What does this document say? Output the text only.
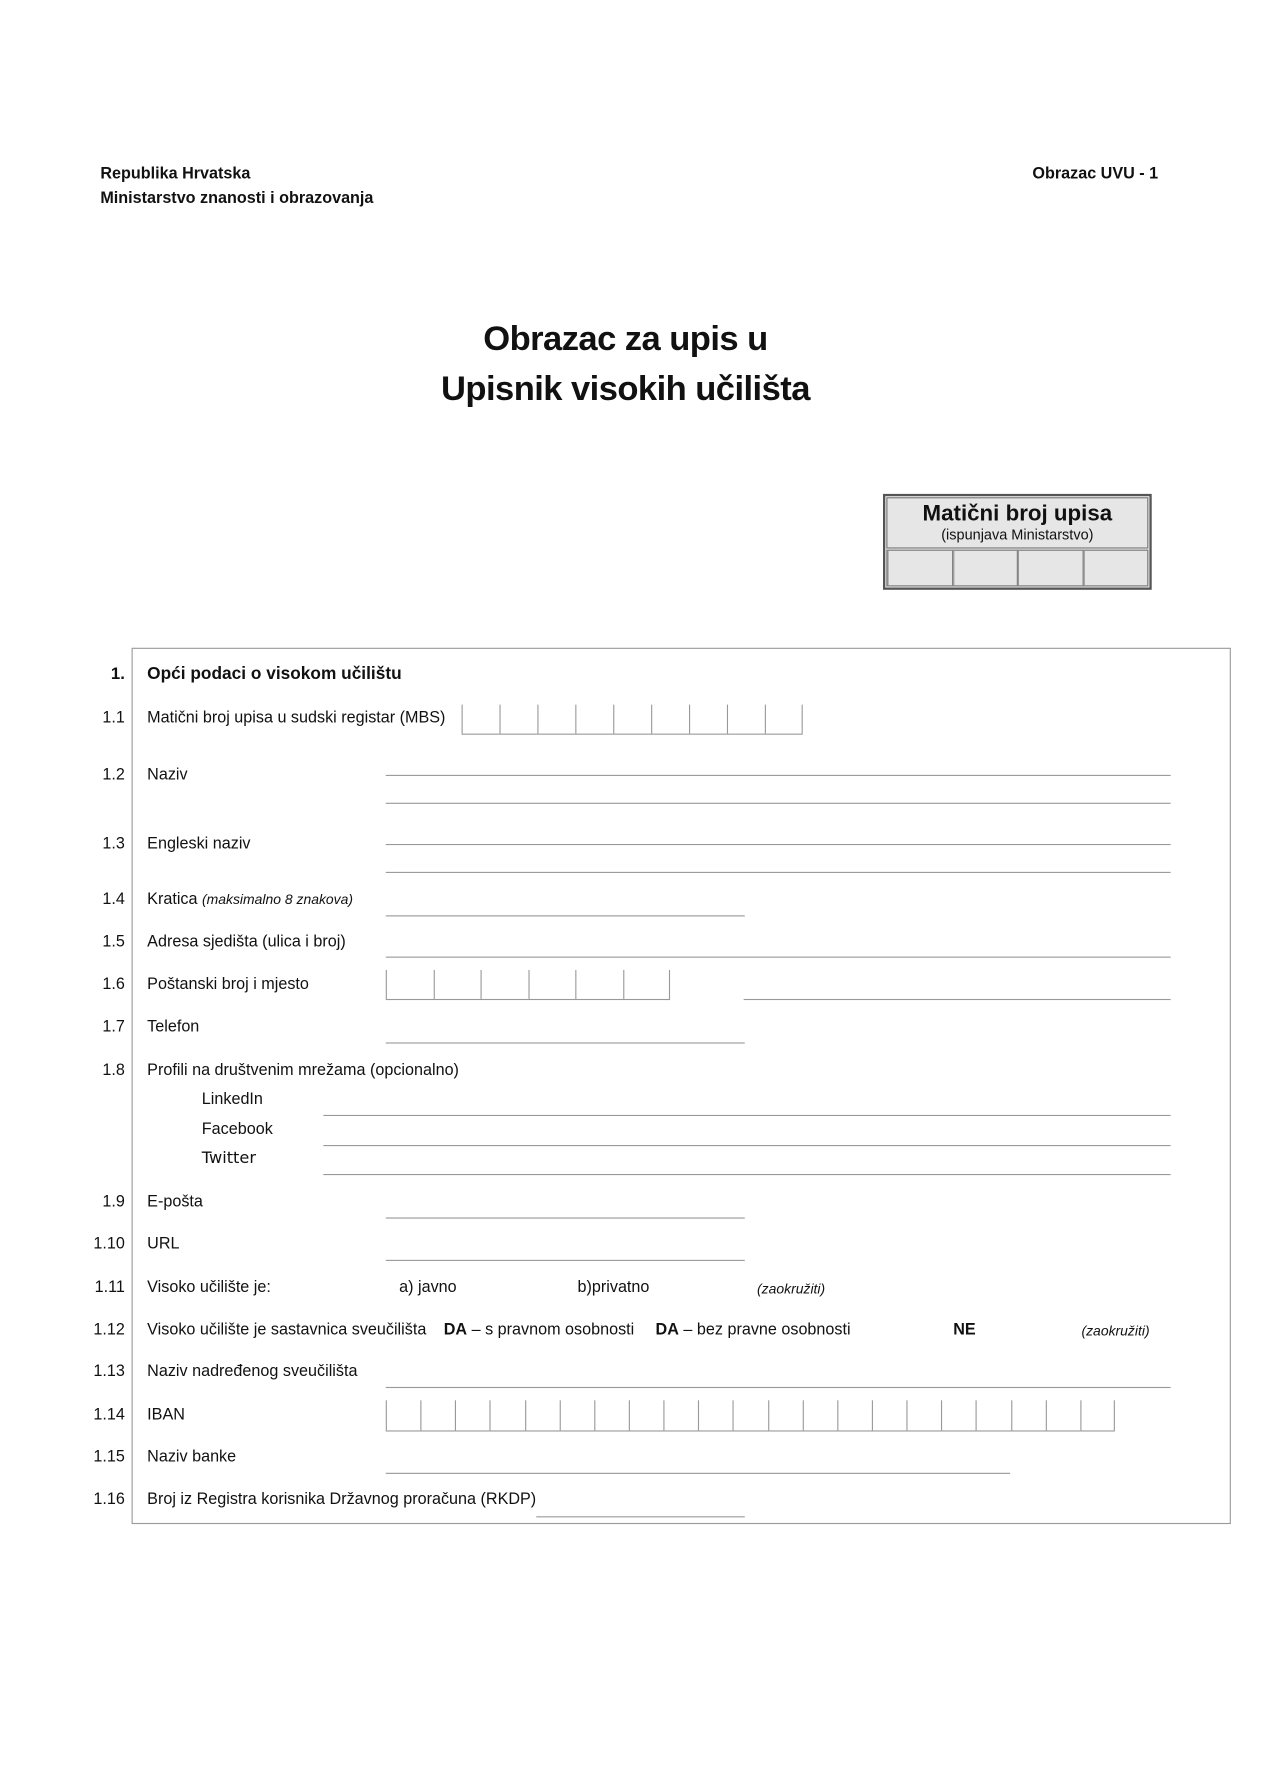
Republika Hrvatska
Ministarstvo znanosti i obrazovanja
Obrazac UVU - 1
Obrazac za upis u
Upisnik visokih učilišta
Matični broj upisa
(ispunjava Ministarstvo)
1. Opći podaci o visokom učilištu
1.1 Matični broj upisa u sudski registar (MBS)
1.2 Naziv
1.3 Engleski naziv
1.4 Kratica (maksimalno 8 znakova)
1.5 Adresa sjedišta (ulica i broj)
1.6 Poštanski broj i mjesto
1.7 Telefon
1.8 Profili na društvenim mrežama (opcionalno)
LinkedIn
Facebook
Twitter
1.9 E-pošta
1.10 URL
1.11 Visoko učilište je:	a) javno	b)privatno	(zaokružiti)
1.12 Visoko učilište je sastavnica sveučilišta DA – s pravnom osobnosti DA – bez pravne osobnosti	NE	(zaokružiti)
1.13 Naziv nadređenog sveučilišta
1.14 IBAN
1.15 Naziv banke
1.16 Broj iz Registra korisnika Državnog proračuna (RKDP)
